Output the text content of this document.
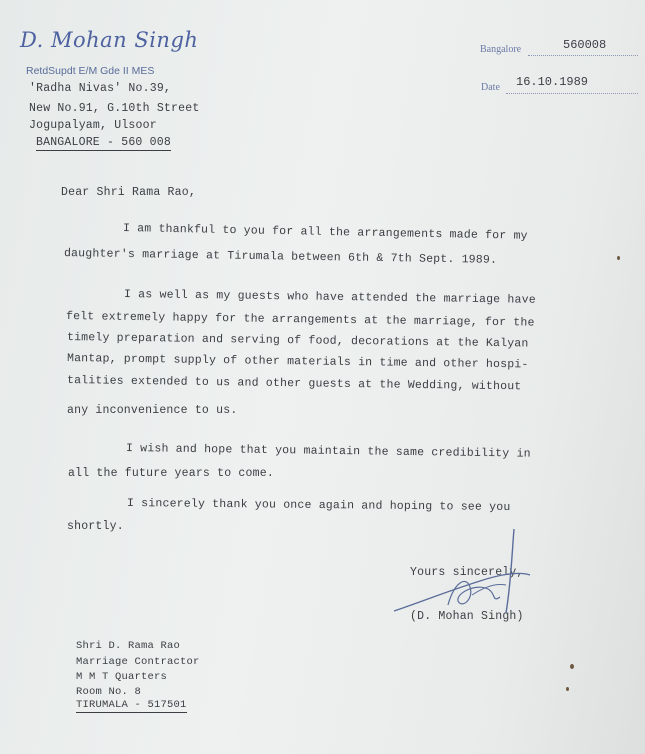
D. Mohan Singh
RetdSupdt E/M Gde II MES
'Radha Nivas' No.39,
New No.91, G.10th Street
Jogupalyam, Ulsoor
BANGALORE - 560 008
Bangalore	560008
Date 16.10.1989
Dear Shri Rama Rao,
I am thankful to you for all the arrangements made for my
daughter's marriage at Tirumala between 6th & 7th Sept. 1989.
I as well as my guests who have attended the marriage have
felt extremely happy for the arrangements at the marriage, for the
timely preparation and serving of food, decorations at the Kalyan
Mantap, prompt supply of other materials in time and other hospi-
talities extended to us and other guests at the Wedding, without
any inconvenience to us.
I wish and hope that you maintain the same credibility in
all the future years to come.
I sincerely thank you once again and hoping to see you
shortly.
Yours sincerely,
(D. Mohan Singh)
Shri D. Rama Rao
Marriage Contractor
M M T Quarters
Room No. 8
TIRUMALA - 517501
